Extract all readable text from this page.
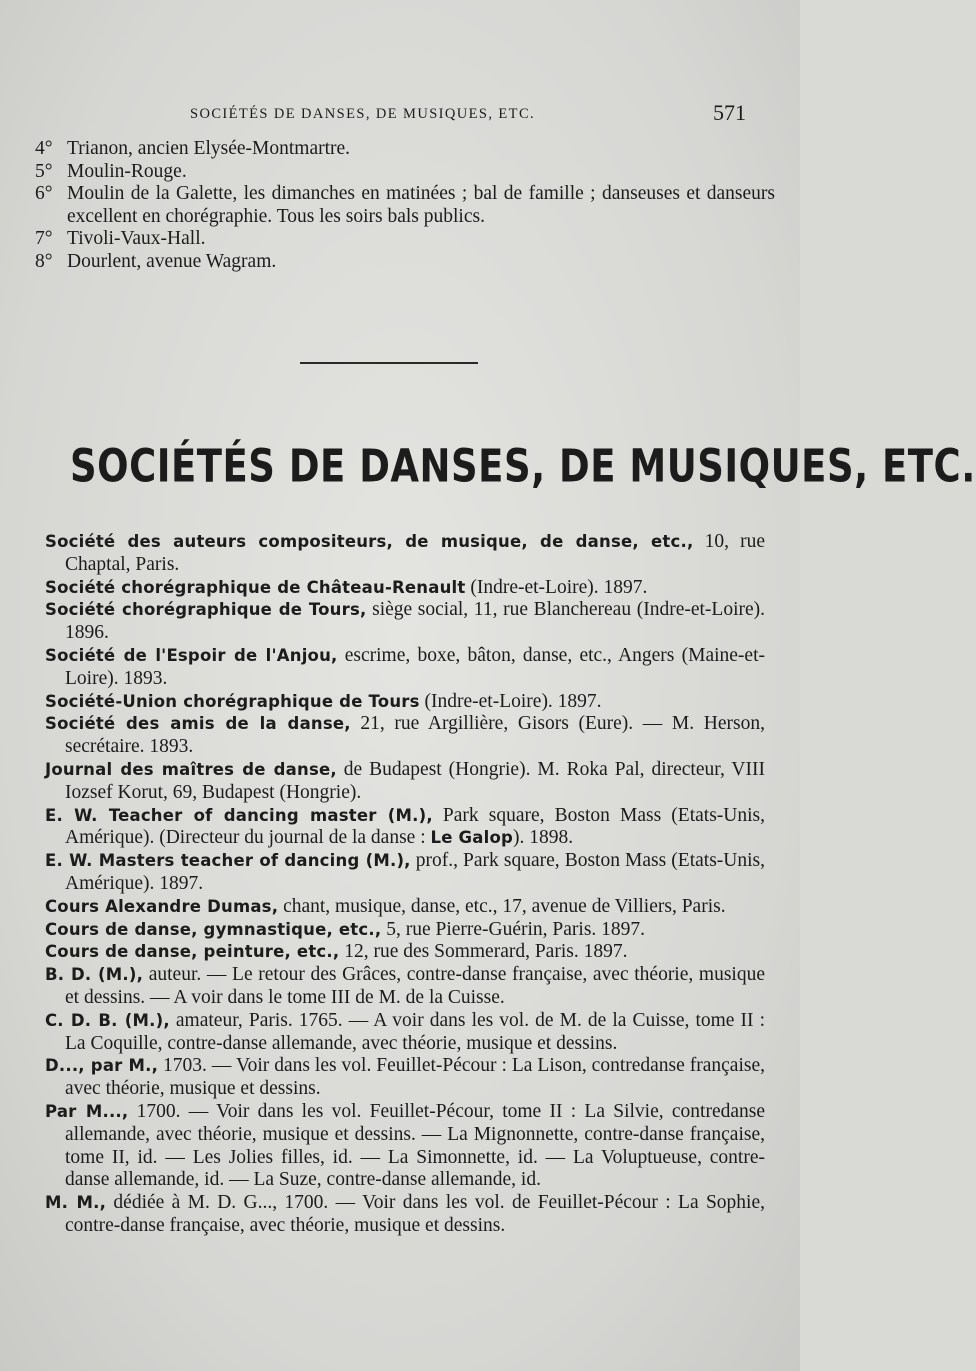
SOCIÉTÉS DE DANSES, DE MUSIQUES, ETC.	571
4° Trianon, ancien Elysée-Montmartre.
5° Moulin-Rouge.
6° Moulin de la Galette, les dimanches en matinées ; bal de famille ; danseuses et danseurs excellent en chorégraphie. Tous les soirs bals publics.
7° Tivoli-Vaux-Hall.
8° Dourlent, avenue Wagram.
SOCIÉTÉS DE DANSES, DE MUSIQUES, ETC.
Société des auteurs compositeurs, de musique, de danse, etc., 10, rue Chaptal, Paris.
Société chorégraphique de Château-Renault (Indre-et-Loire). 1897.
Société chorégraphique de Tours, siège social, 11, rue Blanchereau (Indre-et-Loire). 1896.
Société de l'Espoir de l'Anjou, escrime, boxe, bâton, danse, etc., Angers (Maine-et-Loire). 1893.
Société-Union chorégraphique de Tours (Indre-et-Loire). 1897.
Société des amis de la danse, 21, rue Argillière, Gisors (Eure). — M. Herson, secrétaire. 1893.
Journal des maîtres de danse, de Budapest (Hongrie). M. Roka Pal, directeur, VIII Iozsef Korut, 69, Budapest (Hongrie).
E. W. Teacher of dancing master (M.), Park square, Boston Mass (Etats-Unis, Amérique). (Directeur du journal de la danse : Le Galop). 1898.
E. W. Masters teacher of dancing (M.), prof., Park square, Boston Mass (Etats-Unis, Amérique). 1897.
Cours Alexandre Dumas, chant, musique, danse, etc., 17, avenue de Villiers, Paris.
Cours de danse, gymnastique, etc., 5, rue Pierre-Guérin, Paris. 1897.
Cours de danse, peinture, etc., 12, rue des Sommerard, Paris. 1897.
B. D. (M.), auteur. — Le retour des Grâces, contre-danse française, avec théorie, musique et dessins. — A voir dans le tome III de M. de la Cuisse.
C. D. B. (M.), amateur, Paris. 1765. — A voir dans les vol. de M. de la Cuisse, tome II : La Coquille, contre-danse allemande, avec théorie, musique et dessins.
D..., par M., 1703. — Voir dans les vol. Feuillet-Pécour : La Lison, contredanse française, avec théorie, musique et dessins.
Par M..., 1700. — Voir dans les vol. Feuillet-Pécour, tome II : La Silvie, contredanse allemande, avec théorie, musique et dessins. — La Mignonnette, contre-danse française, tome II, id. — Les Jolies filles, id. — La Simonnette, id. — La Voluptueuse, contre-danse allemande, id. — La Suze, contre-danse allemande, id.
M. M., dédiée à M. D. G..., 1700. — Voir dans les vol. de Feuillet-Pécour : La Sophie, contre-danse française, avec théorie, musique et dessins.
